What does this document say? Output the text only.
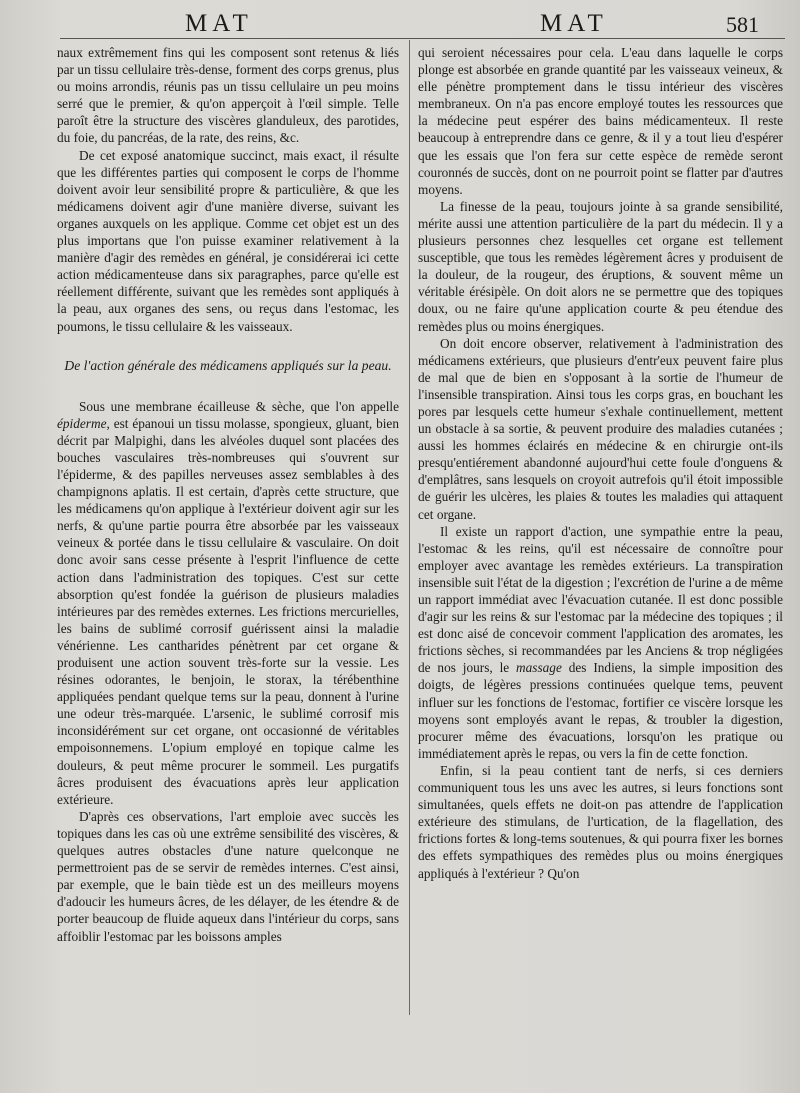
MAT	MAT	581

naux extrêmement fins qui les composent sont retenus & liés par un tissu cellulaire très-dense, forment des corps grenus, plus ou moins arrondis, réunis pas un tissu cellulaire un peu moins serré que le premier, & qu'on apperçoit à l'œil simple. Telle paroît être la structure des viscères glanduleux, des parotides, du foie, du pancréas, de la rate, des reins, &c.

De cet exposé anatomique succinct, mais exact, il résulte que les différentes parties qui composent le corps de l'homme doivent avoir leur sensibilité propre & particulière, & que les médicamens doivent agir d'une manière diverse, suivant les organes auxquels on les applique. Comme cet objet est un des plus importans que l'on puisse examiner relativement à la manière d'agir des remèdes en général, je considérerai ici cette action médicamenteuse dans six paragraphes, parce qu'elle est réellement différente, suivant que les remèdes sont appliqués à la peau, aux organes des sens, ou reçus dans l'estomac, les poumons, le tissu cellulaire & les vaisseaux.

De l'action générale des médicamens appliqués sur la peau.

Sous une membrane écailleuse & sèche, que l'on appelle épiderme, est épanoui un tissu molasse, spongieux, gluant, bien décrit par Malpighi, dans les alvéoles duquel sont placées des bouches vasculaires très-nombreuses qui s'ouvrent sur l'épiderme, & des papilles nerveuses assez semblables à des champignons aplatis. Il est certain, d'après cette structure, que les médicamens qu'on applique à l'extérieur doivent agir sur les nerfs, & qu'une partie pourra être absorbée par les vaisseaux veineux & portée dans le tissu cellulaire & vasculaire. On doit donc avoir sans cesse présente à l'esprit l'influence de cette action dans l'administration des topiques. C'est sur cette absorption qu'est fondée la guérison de plusieurs maladies intérieures par des remèdes externes. Les frictions mercurielles, les bains de sublimé corrosif guérissent ainsi la maladie vénérienne. Les cantharides pénètrent par cet organe & produisent une action souvent très-forte sur la vessie. Les résines odorantes, le benjoin, le storax, la térébenthine appliquées pendant quelque tems sur la peau, donnent à l'urine une odeur très-marquée. L'arsenic, le sublimé corrosif mis inconsidérément sur cet organe, ont occasionné de véritables empoisonnemens. L'opium employé en topique calme les douleurs, & peut même procurer le sommeil. Les purgatifs âcres produisent des évacuations après leur application extérieure.

D'après ces observations, l'art emploie avec succès les topiques dans les cas où une extrême sensibilité des viscères, & quelques autres obstacles d'une nature quelconque ne permettroient pas de se servir de remèdes internes. C'est ainsi, par exemple, que le bain tiède est un des meilleurs moyens d'adoucir les humeurs âcres, de les délayer, de les étendre & de porter beaucoup de fluide aqueux dans l'intérieur du corps, sans affoiblir l'estomac par les boissons amples

qui seroient nécessaires pour cela. L'eau dans laquelle le corps plonge est absorbée en grande quantité par les vaisseaux veineux, & elle pénètre promptement dans le tissu intérieur des viscères membraneux. On n'a pas encore employé toutes les ressources que la médecine peut espérer des bains médicamenteux. Il reste beaucoup à entreprendre dans ce genre, & il y a tout lieu d'espérer que les essais que l'on fera sur cette espèce de remède seront couronnés de succès, dont on ne pourroit point se flatter par d'autres moyens.

La finesse de la peau, toujours jointe à sa grande sensibilité, mérite aussi une attention particulière de la part du médecin. Il y a plusieurs personnes chez lesquelles cet organe est tellement susceptible, que tous les remèdes légèrement âcres y produisent de la douleur, de la rougeur, des éruptions, & souvent même un véritable érésipèle. On doit alors ne se permettre que des topiques doux, ou ne faire qu'une application courte & peu étendue des remèdes plus ou moins énergiques.

On doit encore observer, relativement à l'administration des médicamens extérieurs, que plusieurs d'entr'eux peuvent faire plus de mal que de bien en s'opposant à la sortie de l'humeur de l'insensible transpiration. Ainsi tous les corps gras, en bouchant les pores par lesquels cette humeur s'exhale continuellement, mettent un obstacle à sa sortie, & peuvent produire des maladies cutanées ; aussi les hommes éclairés en médecine & en chirurgie ont-ils presqu'entiérement abandonné aujourd'hui cette foule d'onguens & d'emplâtres, sans lesquels on croyoit autrefois qu'il étoit impossible de guérir les ulcères, les plaies & toutes les maladies qui attaquent cet organe.

Il existe un rapport d'action, une sympathie entre la peau, l'estomac & les reins, qu'il est nécessaire de connoître pour employer avec avantage les remèdes extérieurs. La transpiration insensible suit l'état de la digestion ; l'excrétion de l'urine a de même un rapport immédiat avec l'évacuation cutanée. Il est donc possible d'agir sur les reins & sur l'estomac par la médecine des topiques ; il est donc aisé de concevoir comment l'application des aromates, les frictions sèches, si recommandées par les Anciens & trop négligées de nos jours, le massage des Indiens, la simple imposition des doigts, de légères pressions continuées quelque tems, peuvent influer sur les fonctions de l'estomac, fortifier ce viscère lorsque les moyens sont employés avant le repas, & troubler la digestion, procurer même des évacuations, lorsqu'on les pratique ou immédiatement après le repas, ou vers la fin de cette fonction.

Enfin, si la peau contient tant de nerfs, si ces derniers communiquent tous les uns avec les autres, si leurs fonctions sont simultanées, quels effets ne doit-on pas attendre de l'application extérieure des stimulans, de l'urtication, de la flagellation, des frictions fortes & long-tems soutenues, & qui pourra fixer les bornes des effets sympathiques des remèdes plus ou moins énergiques appliqués à l'extérieur ? Qu'on
